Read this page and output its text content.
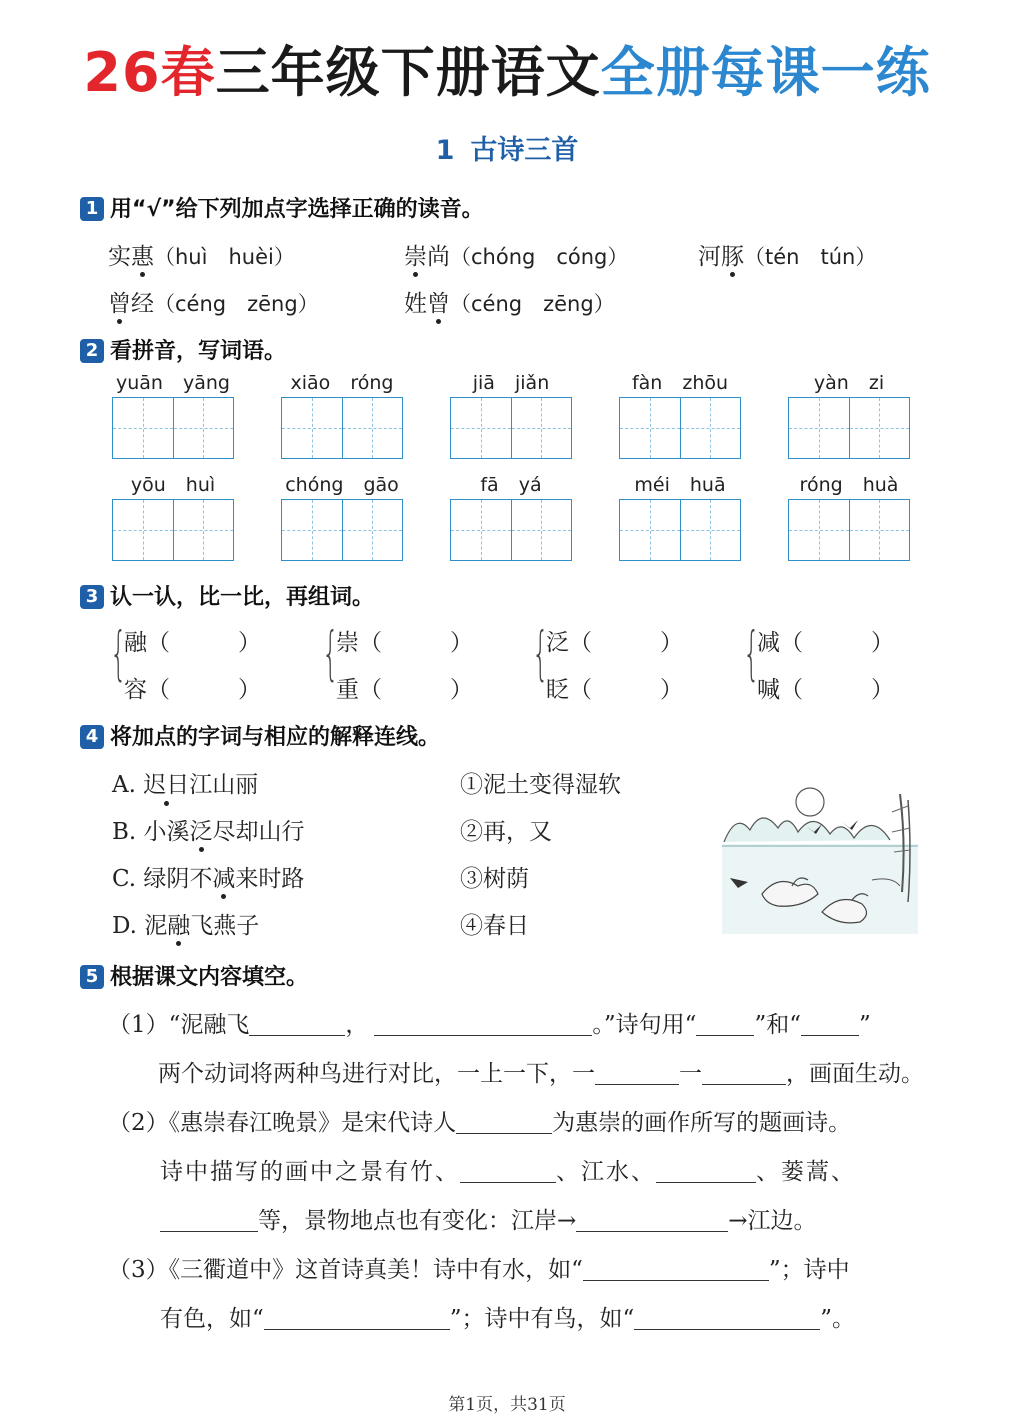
26春三年级下册语文全册每课一练
1 古诗三首
1 用“√”给下列加点字选择正确的读音。
实惠（huì　huèi）	崇尚（chóng　cóng）	河豚（tén　tún）
曾经（céng　zēng）	姓曾（céng　zēng）
2 看拼音，写词语。
yuān yāng	xiāo róng	jiā jiǎn	fàn zhōu	yàn zi
yōu huì	chóng gāo	fā yá	méi huā	róng huà
3 认一认，比一比，再组词。
{
融（	）
容（	）
{
崇（	）
重（	）
{
泛（	）
眨（	）
{
减（	）
喊（	）
4 将加点的字词与相应的解释连线。
A. 迟日江山丽
B. 小溪泛尽却山行
C. 绿阴不减来时路
D. 泥融飞燕子
①泥土变得湿软
②再，又
③树荫
④春日
5 根据课文内容填空。
（1）“泥融飞	，	。”诗句用“	”和“	”
两个动词将两种鸟进行对比，一上一下，一	一	，画面生动。
（2）《惠崇春江晚景》是宋代诗人	为惠崇的画作所写的题画诗。
诗中描写的画中之景有竹、	、江水、	、蒌蒿、
等，景物地点也有变化：江岸→	→江边。
（3）《三衢道中》这首诗真美！诗中有水，如“	”；诗中
有色，如“	”；诗中有鸟，如“	”。
第1页，共31页
